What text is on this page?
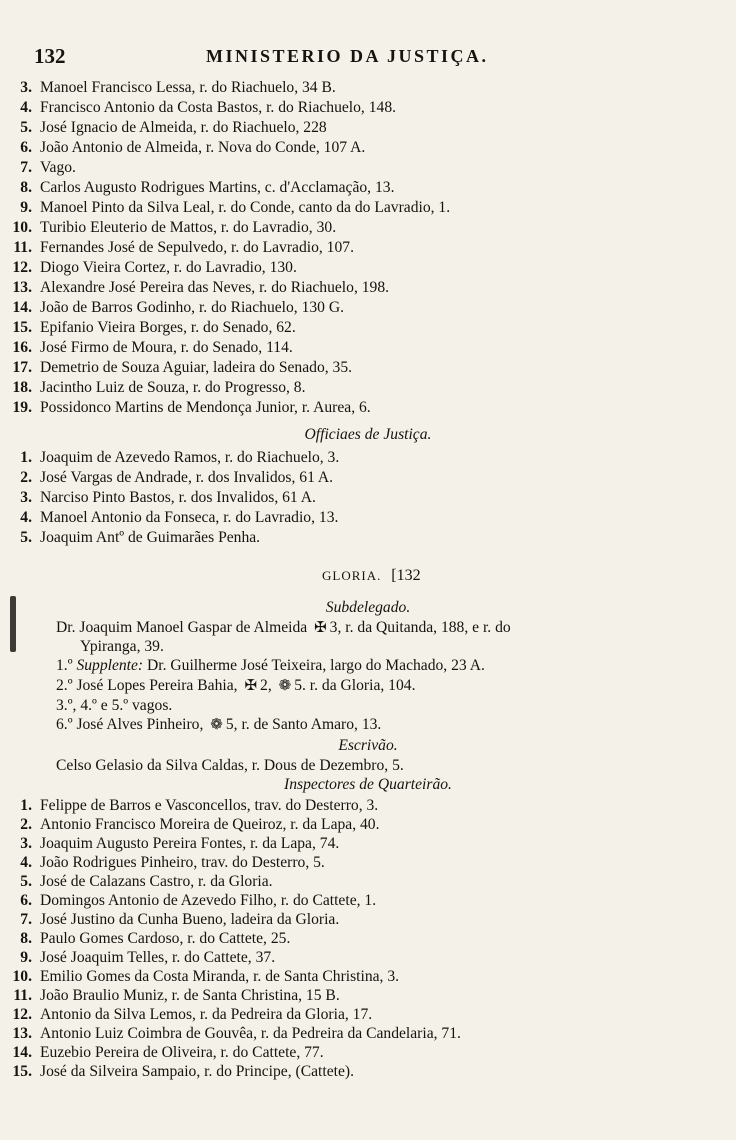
132	MINISTERIO DA JUSTIÇA.
3. Manoel Francisco Lessa, r. do Riachuelo, 34 B.
4. Francisco Antonio da Costa Bastos, r. do Riachuelo, 148.
5. José Ignacio de Almeida, r. do Riachuelo, 228
6. João Antonio de Almeida, r. Nova do Conde, 107 A.
7. Vago.
8. Carlos Augusto Rodrigues Martins, c. d'Acclamação, 13.
9. Manoel Pinto da Silva Leal, r. do Conde, canto da do Lavradio, 1.
10. Turibio Eleuterio de Mattos, r. do Lavradio, 30.
11. Fernandes José de Sepulvedo, r. do Lavradio, 107.
12. Diogo Vieira Cortez, r. do Lavradio, 130.
13. Alexandre José Pereira das Neves, r. do Riachuelo, 198.
14. João de Barros Godinho, r. do Riachuelo, 130 G.
15. Epifanio Vieira Borges, r. do Senado, 62.
16. José Firmo de Moura, r. do Senado, 114.
17. Demetrio de Souza Aguiar, ladeira do Senado, 35.
18. Jacintho Luiz de Souza, r. do Progresso, 8.
19. Possidonco Martins de Mendonça Junior, r. Aurea, 6.
Officiaes de Justiça.
1. Joaquim de Azevedo Ramos, r. do Riachuelo, 3.
2. José Vargas de Andrade, r. dos Invalidos, 61 A.
3. Narciso Pinto Bastos, r. dos Invalidos, 61 A.
4. Manoel Antonio da Fonseca, r. do Lavradio, 13.
5. Joaquim Antº de Guimarães Penha.
GLORIA. [132
Subdelegado.
Dr. Joaquim Manoel Gaspar de Almeida ✠ 3, r. da Quitanda, 188, e r. do
Ypiranga, 39.
1.º Supplente: Dr. Guilherme José Teixeira, largo do Machado, 23 A.
2.º José Lopes Pereira Bahia, ✠ 2, ❁ 5. r. da Gloria, 104.
3.º, 4.º e 5.º vagos.
6.º José Alves Pinheiro, ❁ 5, r. de Santo Amaro, 13.
Escrivão.
Celso Gelasio da Silva Caldas, r. Dous de Dezembro, 5.
Inspectores de Quarteirão.
1. Felippe de Barros e Vasconcellos, trav. do Desterro, 3.
2. Antonio Francisco Moreira de Queiroz, r. da Lapa, 40.
3. Joaquim Augusto Pereira Fontes, r. da Lapa, 74.
4. João Rodrigues Pinheiro, trav. do Desterro, 5.
5. José de Calazans Castro, r. da Gloria.
6. Domingos Antonio de Azevedo Filho, r. do Cattete, 1.
7. José Justino da Cunha Bueno, ladeira da Gloria.
8. Paulo Gomes Cardoso, r. do Cattete, 25.
9. José Joaquim Telles, r. do Cattete, 37.
10. Emilio Gomes da Costa Miranda, r. de Santa Christina, 3.
11. João Braulio Muniz, r. de Santa Christina, 15 B.
12. Antonio da Silva Lemos, r. da Pedreira da Gloria, 17.
13. Antonio Luiz Coimbra de Gouvêa, r. da Pedreira da Candelaria, 71.
14. Euzebio Pereira de Oliveira, r. do Cattete, 77.
15. José da Silveira Sampaio, r. do Principe, (Cattete).
